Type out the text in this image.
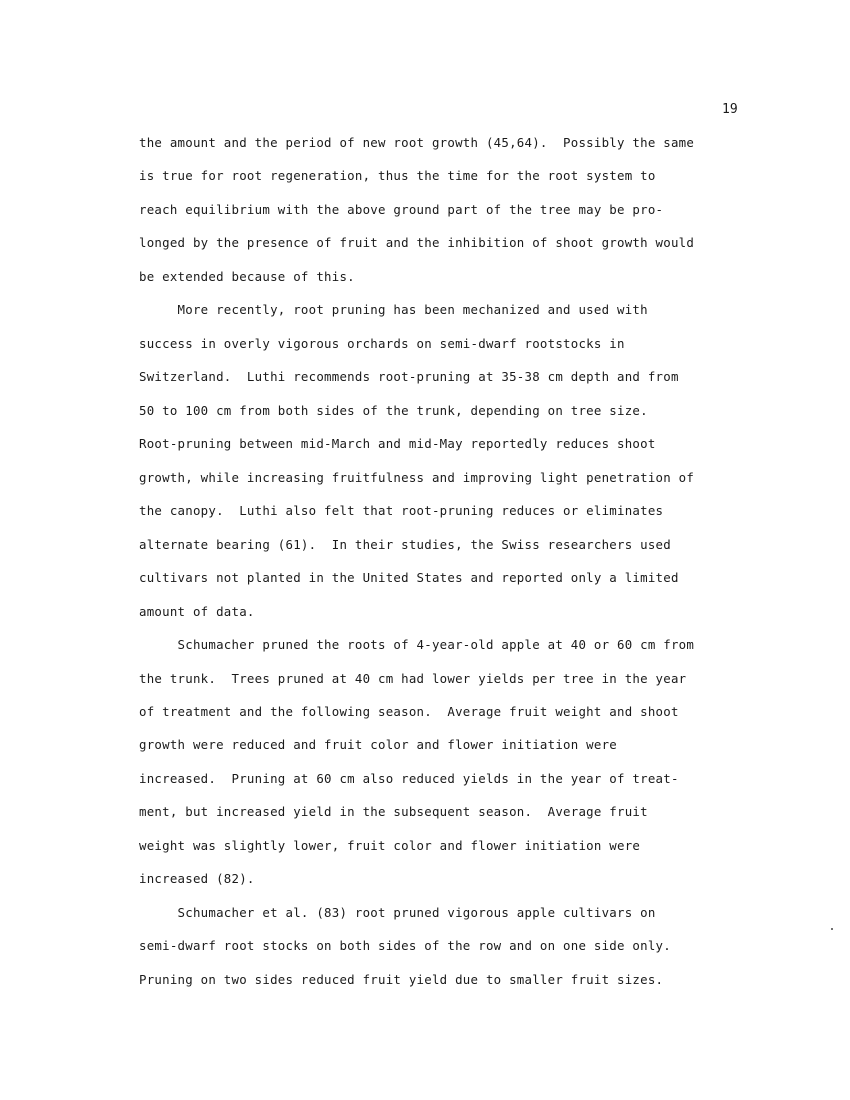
19

the amount and the period of new root growth (45,64).  Possibly the same

is true for root regeneration, thus the time for the root system to

reach equilibrium with the above ground part of the tree may be pro-

longed by the presence of fruit and the inhibition of shoot growth would

be extended because of this.

More recently, root pruning has been mechanized and used with

success in overly vigorous orchards on semi-dwarf rootstocks in

Switzerland.  Luthi recommends root-pruning at 35-38 cm depth and from

50 to 100 cm from both sides of the trunk, depending on tree size.

Root-pruning between mid-March and mid-May reportedly reduces shoot

growth, while increasing fruitfulness and improving light penetration of

the canopy.  Luthi also felt that root-pruning reduces or eliminates

alternate bearing (61).  In their studies, the Swiss researchers used

cultivars not planted in the United States and reported only a limited

amount of data.

Schumacher pruned the roots of 4-year-old apple at 40 or 60 cm from

the trunk.  Trees pruned at 40 cm had lower yields per tree in the year

of treatment and the following season.  Average fruit weight and shoot

growth were reduced and fruit color and flower initiation were

increased.  Pruning at 60 cm also reduced yields in the year of treat-

ment, but increased yield in the subsequent season.  Average fruit

weight was slightly lower, fruit color and flower initiation were

increased (82).

Schumacher et al. (83) root pruned vigorous apple cultivars on

semi-dwarf root stocks on both sides of the row and on one side only.

Pruning on two sides reduced fruit yield due to smaller fruit sizes.
